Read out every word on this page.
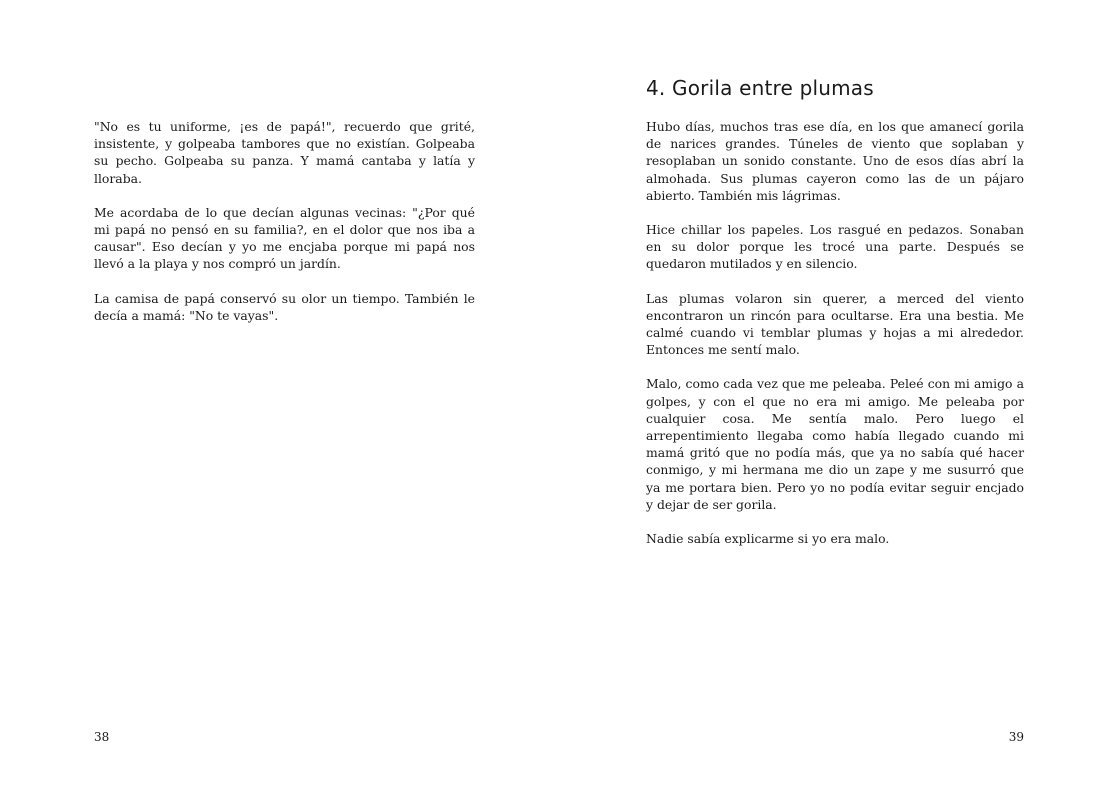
"No es tu uniforme, ¡es de papá!", recuerdo que grité, insistente, y golpeaba tambores que no existían. Golpeaba su pecho. Golpeaba su panza. Y mamá cantaba y latía y lloraba.

Me acordaba de lo que decían algunas vecinas: "¿Por qué mi papá no pensó en su familia?, en el dolor que nos iba a causar". Eso decían y yo me encjaba porque mi papá nos llevó a la playa y nos compró un jardín.

La camisa de papá conservó su olor un tiempo. También le decía a mamá: "No te vayas".

38
4. Gorila entre plumas

Hubo días, muchos tras ese día, en los que amanecí gorila de narices grandes. Túneles de viento que soplaban y resoplaban un sonido constante. Uno de esos días abrí la almohada. Sus plumas cayeron como las de un pájaro abierto. También mis lágrimas.

Hice chillar los papeles. Los rasgué en pedazos. Sonaban en su dolor porque les trocé una parte. Después se quedaron mutilados y en silencio.

Las plumas volaron sin querer, a merced del viento encontraron un rincón para ocultarse. Era una bestia. Me calmé cuando vi temblar plumas y hojas a mi alrededor. Entonces me sentí malo.

Malo, como cada vez que me peleaba. Peleé con mi amigo a golpes, y con el que no era mi amigo. Me peleaba por cualquier cosa. Me sentía malo. Pero luego el arrepentimiento llegaba como había llegado cuando mi mamá gritó que no podía más, que ya no sabía qué hacer conmigo, y mi hermana me dio un zape y me susurró que ya me portara bien. Pero yo no podía evitar seguir encjado y dejar de ser gorila.

Nadie sabía explicarme si yo era malo.

39
